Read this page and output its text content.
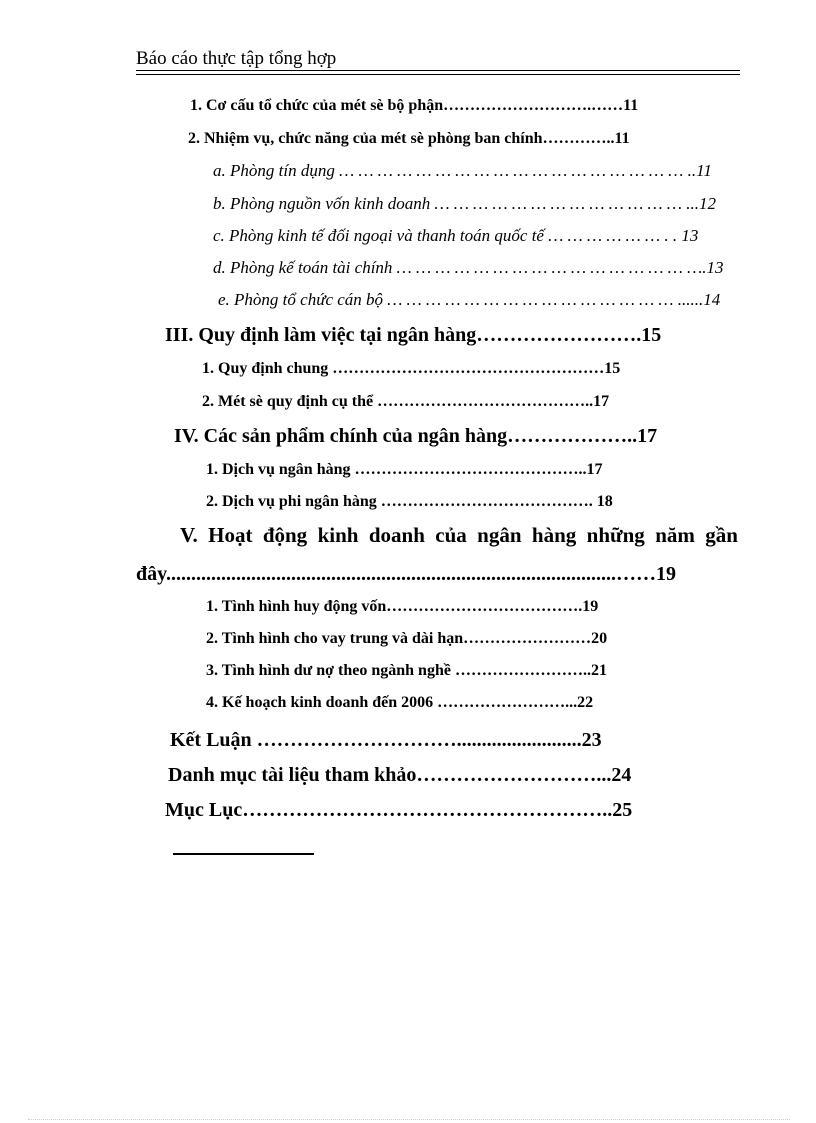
Báo cáo thực tập tổng hợp
1. Cơ cấu tổ chức của mét sè bộ phận……………………….……11
2. Nhiệm vụ, chức năng của mét sè phòng ban chính…………..11
a. Phòng tín dụng … … … … … … … … … … … … … … … … … … ..11
b. Phòng nguồn vốn kinh doanh … … … … … … … … … … … … … ...12
c. Phòng kinh tế đối ngoại và thanh toán quốc tế … … … … … … . . 13
d. Phòng kế toán tài chính … … … … … … … … … … … … … … … ….13
e. Phòng tổ chức cán bộ … … … … … … … … … … … … … … … ......14
III. Quy định làm việc tại ngân hàng…………………….15
1. Quy định chung ……………………………………………15
2. Mét sè quy định cụ thể …………………………………..17
IV. Các sản phẩm chính của ngân hàng………………..17
1. Dịch vụ ngân hàng ……………………………………..17
2. Dịch vụ phi ngân hàng …………………………………. 18
V. Hoạt động kinh doanh của ngân hàng những năm gần
đây..........................................................................................……19
1. Tình hình huy động vốn……………………………….19
2. Tình hình cho vay trung và dài hạn……………………20
3. Tình hình dư nợ theo ngành nghề ……………………..21
4. Kế hoạch kinh doanh đến 2006 ……………………...22
Kết Luận ………………………….........................23
Danh mục tài liệu tham khảo………………………...24
Mục Lục………………………………………………..25
